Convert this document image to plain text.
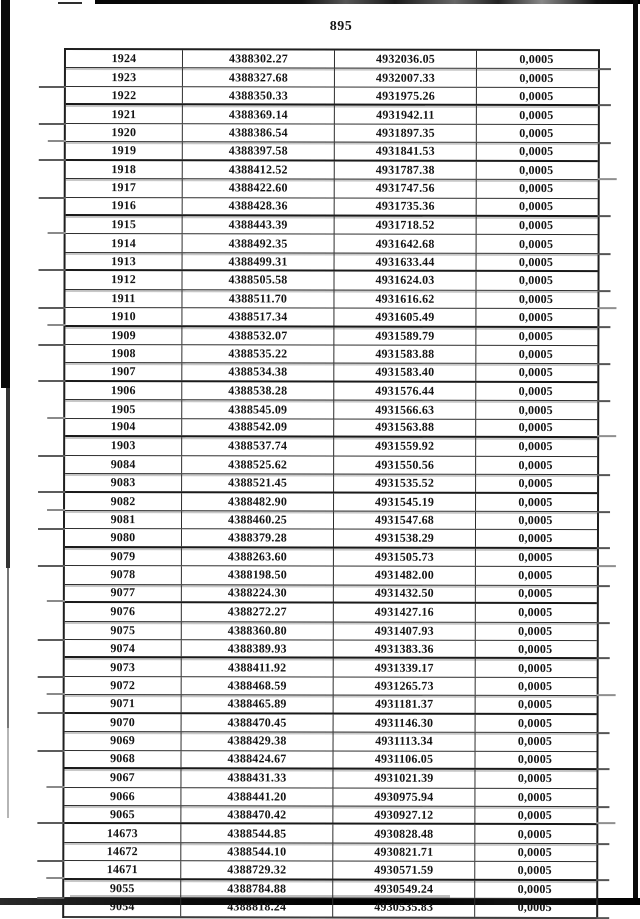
895
1924	4388302.27	4932036.05	0,0005
1923	4388327.68	4932007.33	0,0005
1922	4388350.33	4931975.26	0,0005
1921	4388369.14	4931942.11	0,0005
1920	4388386.54	4931897.35	0,0005
1919	4388397.58	4931841.53	0,0005
1918	4388412.52	4931787.38	0,0005
1917	4388422.60	4931747.56	0,0005
1916	4388428.36	4931735.36	0,0005
1915	4388443.39	4931718.52	0,0005
1914	4388492.35	4931642.68	0,0005
1913	4388499.31	4931633.44	0,0005
1912	4388505.58	4931624.03	0,0005
1911	4388511.70	4931616.62	0,0005
1910	4388517.34	4931605.49	0,0005
1909	4388532.07	4931589.79	0,0005
1908	4388535.22	4931583.88	0,0005
1907	4388534.38	4931583.40	0,0005
1906	4388538.28	4931576.44	0,0005
1905	4388545.09	4931566.63	0,0005
1904	4388542.09	4931563.88	0,0005
1903	4388537.74	4931559.92	0,0005
9084	4388525.62	4931550.56	0,0005
9083	4388521.45	4931535.52	0,0005
9082	4388482.90	4931545.19	0,0005
9081	4388460.25	4931547.68	0,0005
9080	4388379.28	4931538.29	0,0005
9079	4388263.60	4931505.73	0,0005
9078	4388198.50	4931482.00	0,0005
9077	4388224.30	4931432.50	0,0005
9076	4388272.27	4931427.16	0,0005
9075	4388360.80	4931407.93	0,0005
9074	4388389.93	4931383.36	0,0005
9073	4388411.92	4931339.17	0,0005
9072	4388468.59	4931265.73	0,0005
9071	4388465.89	4931181.37	0,0005
9070	4388470.45	4931146.30	0,0005
9069	4388429.38	4931113.34	0,0005
9068	4388424.67	4931106.05	0,0005
9067	4388431.33	4931021.39	0,0005
9066	4388441.20	4930975.94	0,0005
9065	4388470.42	4930927.12	0,0005
14673	4388544.85	4930828.48	0,0005
14672	4388544.10	4930821.71	0,0005
14671	4388729.32	4930571.59	0,0005
9055	4388784.88	4930549.24	0,0005
9054	4388818.24	4930535.83	0,0005
